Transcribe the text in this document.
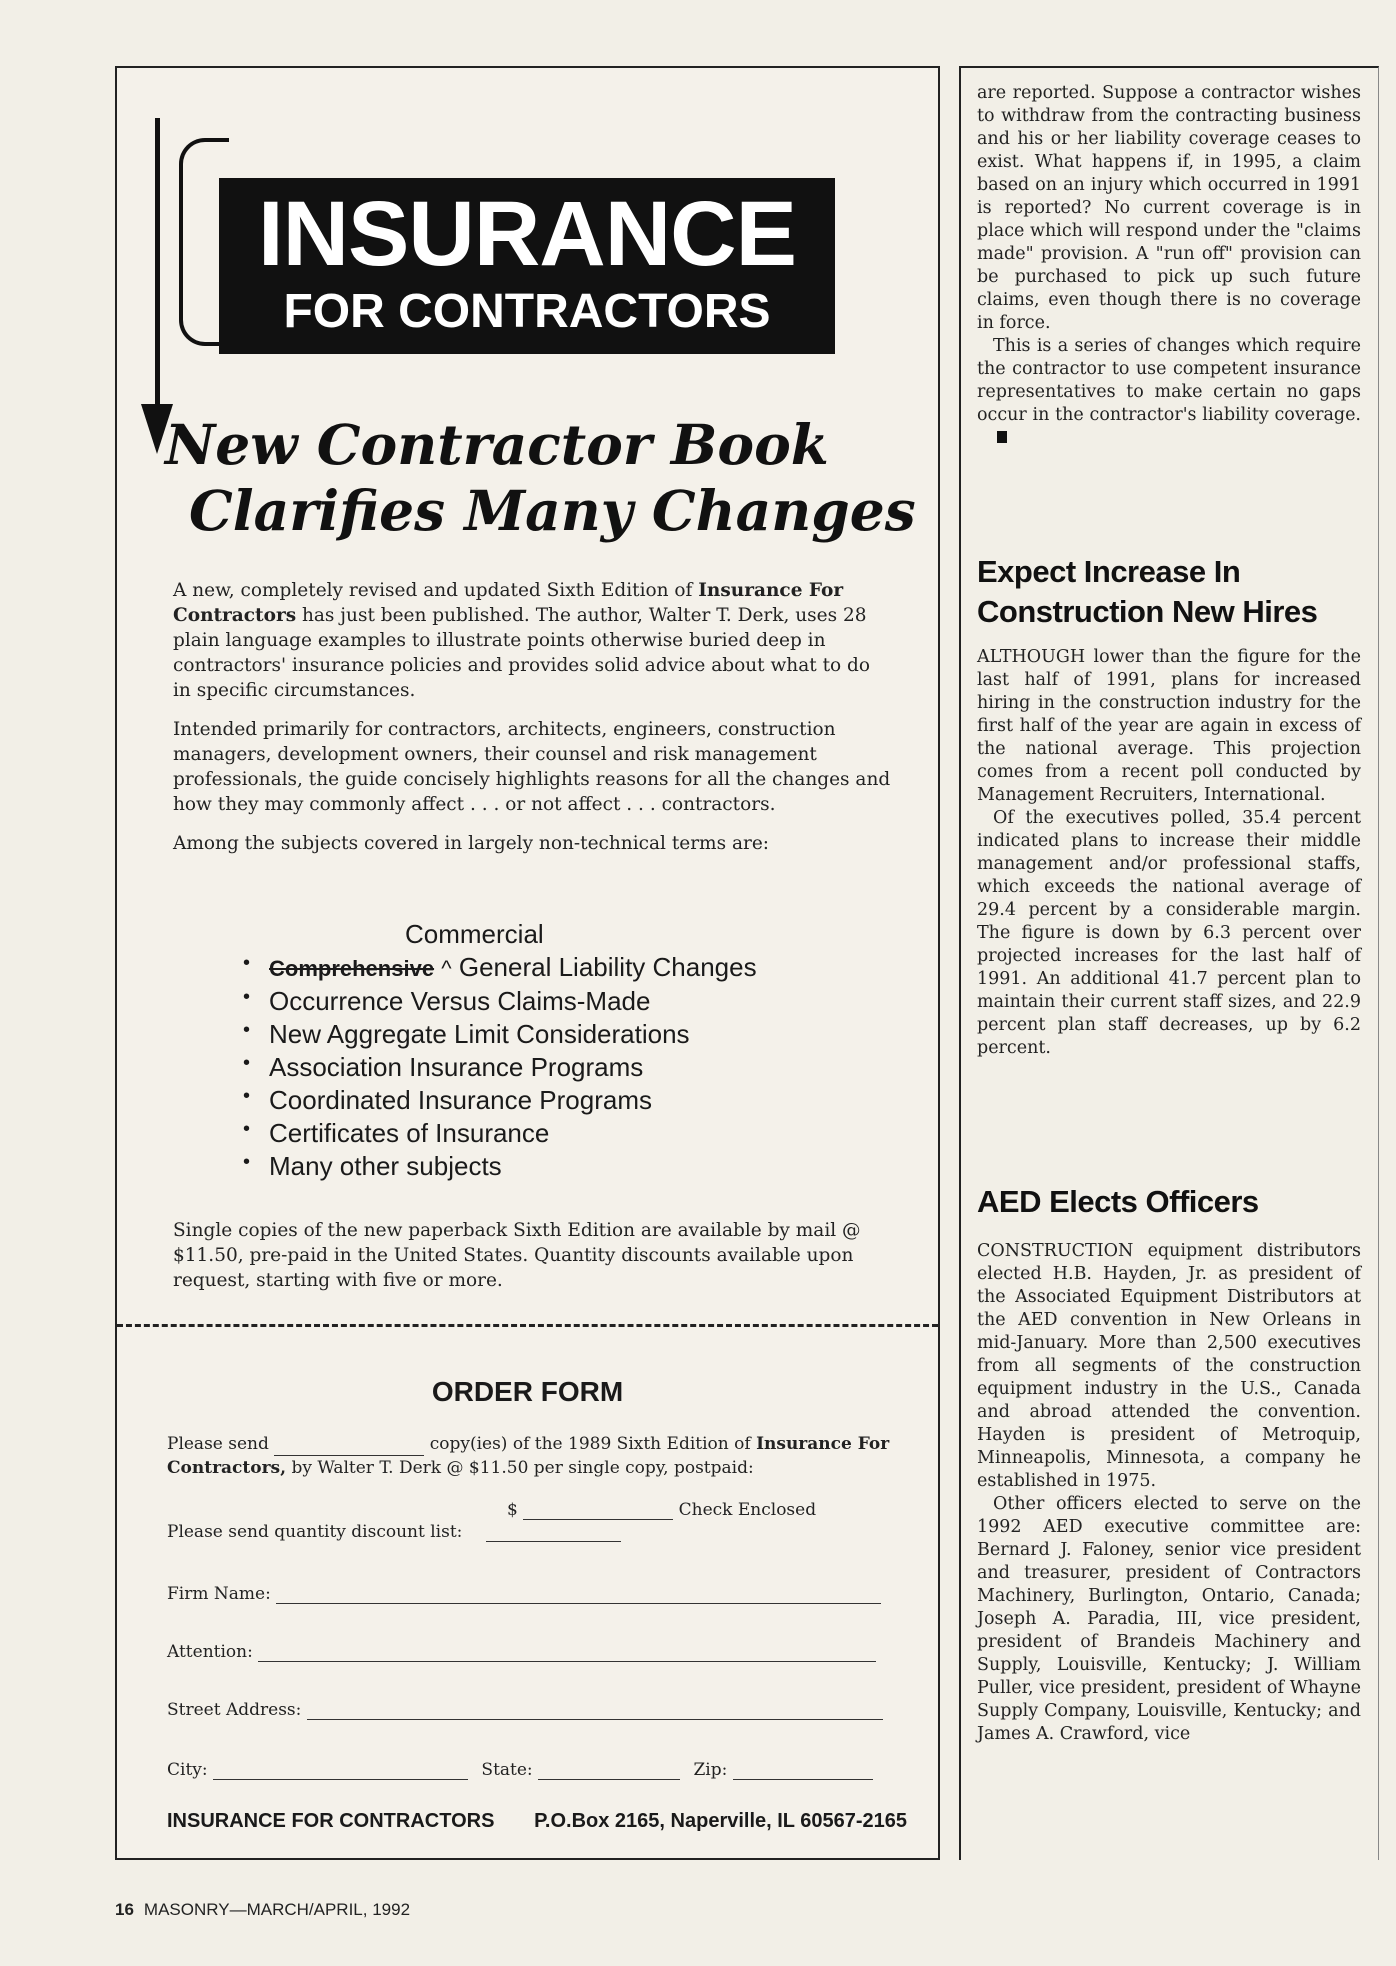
INSURANCE
FOR CONTRACTORS
New Contractor Book
Clarifies Many Changes

A new, completely revised and updated Sixth Edition of Insurance For Contractors has just been published. The author, Walter T. Derk, uses 28 plain language examples to illustrate points otherwise buried deep in contractors' insurance policies and provides solid advice about what to do in specific circumstances.

Intended primarily for contractors, architects, engineers, construction managers, development owners, their counsel and risk management professionals, the guide concisely highlights reasons for all the changes and how they may commonly affect . . . or not affect . . . contractors.

Among the subjects covered in largely non-technical terms are:

Commercial
• Comprehensive ^ General Liability Changes
• Occurrence Versus Claims-Made
• New Aggregate Limit Considerations
• Association Insurance Programs
• Coordinated Insurance Programs
• Certificates of Insurance
• Many other subjects
Single copies of the new paperback Sixth Edition are available by mail @ $11.50, pre-paid in the United States. Quantity discounts available upon request, starting with five or more.
ORDER FORM
Please send	copy(ies) of the 1989 Sixth Edition of Insurance For Contractors, by Walter T. Derk @ $11.50 per single copy, postpaid:
$	Check Enclosed
Please send quantity discount list:
Firm Name:
Attention:
Street Address:
City:	State:	Zip:
INSURANCE FOR CONTRACTORS P.O.Box 2165, Naperville, IL 60567-2165

are reported. Suppose a contractor wishes to withdraw from the contracting business and his or her liability coverage ceases to exist. What happens if, in 1995, a claim based on an injury which occurred in 1991 is reported? No current coverage is in place which will respond under the "claims made" provision. A "run off" provision can be purchased to pick up such future claims, even though there is no coverage in force.

This is a series of changes which require the contractor to use competent insurance representatives to make certain no gaps occur in the contractor's liability coverage.

Expect Increase In Construction New Hires

ALTHOUGH lower than the figure for the last half of 1991, plans for increased hiring in the construction industry for the first half of the year are again in excess of the national average. This projection comes from a recent poll conducted by Management Recruiters, International.

Of the executives polled, 35.4 percent indicated plans to increase their middle management and/or professional staffs, which exceeds the national average of 29.4 percent by a considerable margin. The figure is down by 6.3 percent over projected increases for the last half of 1991. An additional 41.7 percent plan to maintain their current staff sizes, and 22.9 percent plan staff decreases, up by 6.2 percent.

AED Elects Officers

CONSTRUCTION equipment distributors elected H.B. Hayden, Jr. as president of the Associated Equipment Distributors at the AED convention in New Orleans in mid-January. More than 2,500 executives from all segments of the construction equipment industry in the U.S., Canada and abroad attended the convention. Hayden is president of Metroquip, Minneapolis, Minnesota, a company he established in 1975.

Other officers elected to serve on the 1992 AED executive committee are: Bernard J. Faloney, senior vice president and treasurer, president of Contractors Machinery, Burlington, Ontario, Canada; Joseph A. Paradia, III, vice president, president of Brandeis Machinery and Supply, Louisville, Kentucky; J. William Puller, vice president, president of Whayne Supply Company, Louisville, Kentucky; and James A. Crawford, vice

16 MASONRY—MARCH/APRIL, 1992
